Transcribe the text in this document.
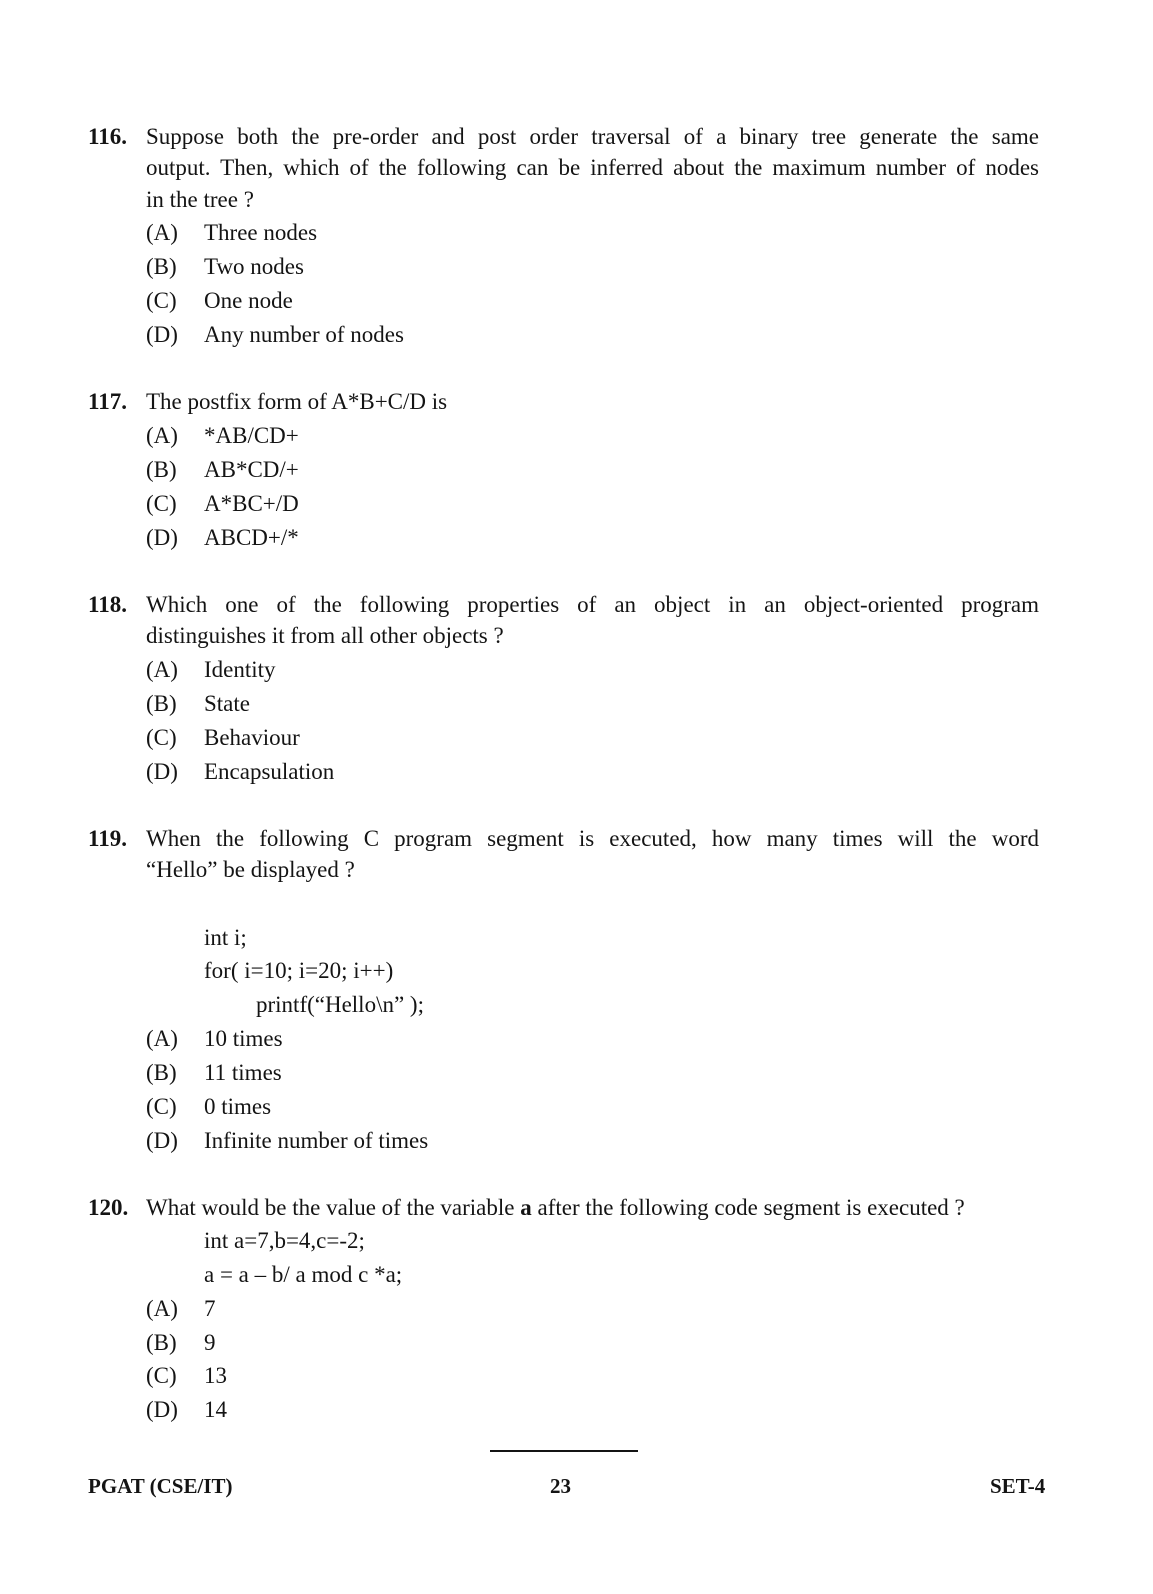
116. Suppose both the pre-order and post order traversal of a binary tree generate the same
output. Then, which of the following can be inferred about the maximum number of nodes
in the tree ?
(A) Three nodes
(B) Two nodes
(C) One node
(D) Any number of nodes
117. The postfix form of A*B+C/D is
(A) *AB/CD+
(B) AB*CD/+
(C) A*BC+/D
(D) ABCD+/*
118. Which one of the following properties of an object in an object-oriented program
distinguishes it from all other objects ?
(A) Identity
(B) State
(C) Behaviour
(D) Encapsulation
119. When the following C program segment is executed, how many times will the word
“Hello” be displayed ?
int i;
for( i=10; i=20; i++)
printf(“Hello\n” );
(A) 10 times
(B) 11 times
(C) 0 times
(D) Infinite number of times
120. What would be the value of the variable a after the following code segment is executed ?
int a=7,b=4,c=-2;
a = a – b/ a mod c *a;
(A) 7
(B) 9
(C) 13
(D) 14
PGAT (CSE/IT)	23	SET-4
